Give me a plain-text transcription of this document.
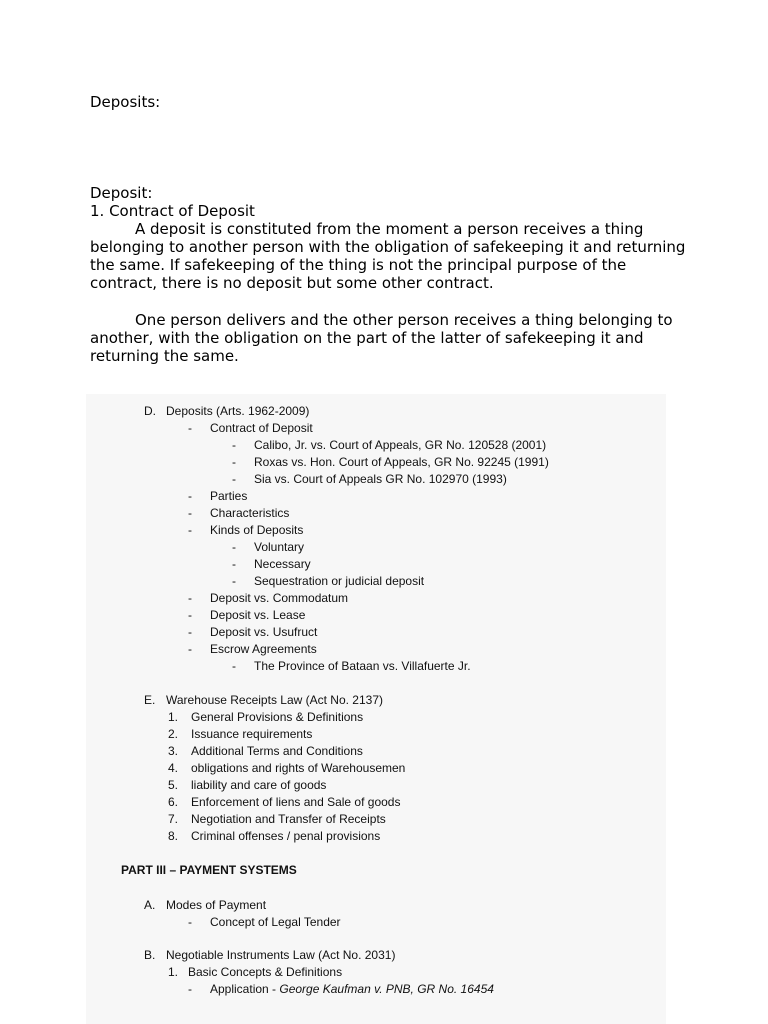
Deposits:

Deposit:

1. Contract of Deposit

A deposit is constituted from the moment a person receives a thing belonging to another person with the obligation of safekeeping it and returning the same. If safekeeping of the thing is not the principal purpose of the contract, there is no deposit but some other contract.

One person delivers and the other person receives a thing belonging to another, with the obligation on the part of the latter of safekeeping it and returning the same.

D. Deposits (Arts. 1962-2009)
- Contract of Deposit
- Calibo, Jr. vs. Court of Appeals, GR No. 120528 (2001)
- Roxas vs. Hon. Court of Appeals, GR No. 92245 (1991)
- Sia vs. Court of Appeals GR No. 102970 (1993)
- Parties
- Characteristics
- Kinds of Deposits
- Voluntary
- Necessary
- Sequestration or judicial deposit
- Deposit vs. Commodatum
- Deposit vs. Lease
- Deposit vs. Usufruct
- Escrow Agreements
- The Province of Bataan vs. Villafuerte Jr.
E. Warehouse Receipts Law (Act No. 2137)
1. General Provisions & Definitions
2. Issuance requirements
3. Additional Terms and Conditions
4. obligations and rights of Warehousemen
5. liability and care of goods
6. Enforcement of liens and Sale of goods
7. Negotiation and Transfer of Receipts
8. Criminal offenses / penal provisions
PART III – PAYMENT SYSTEMS
A. Modes of Payment
- Concept of Legal Tender
B. Negotiable Instruments Law (Act No. 2031)
1. Basic Concepts & Definitions
- Application - George Kaufman v. PNB, GR No. 16454
